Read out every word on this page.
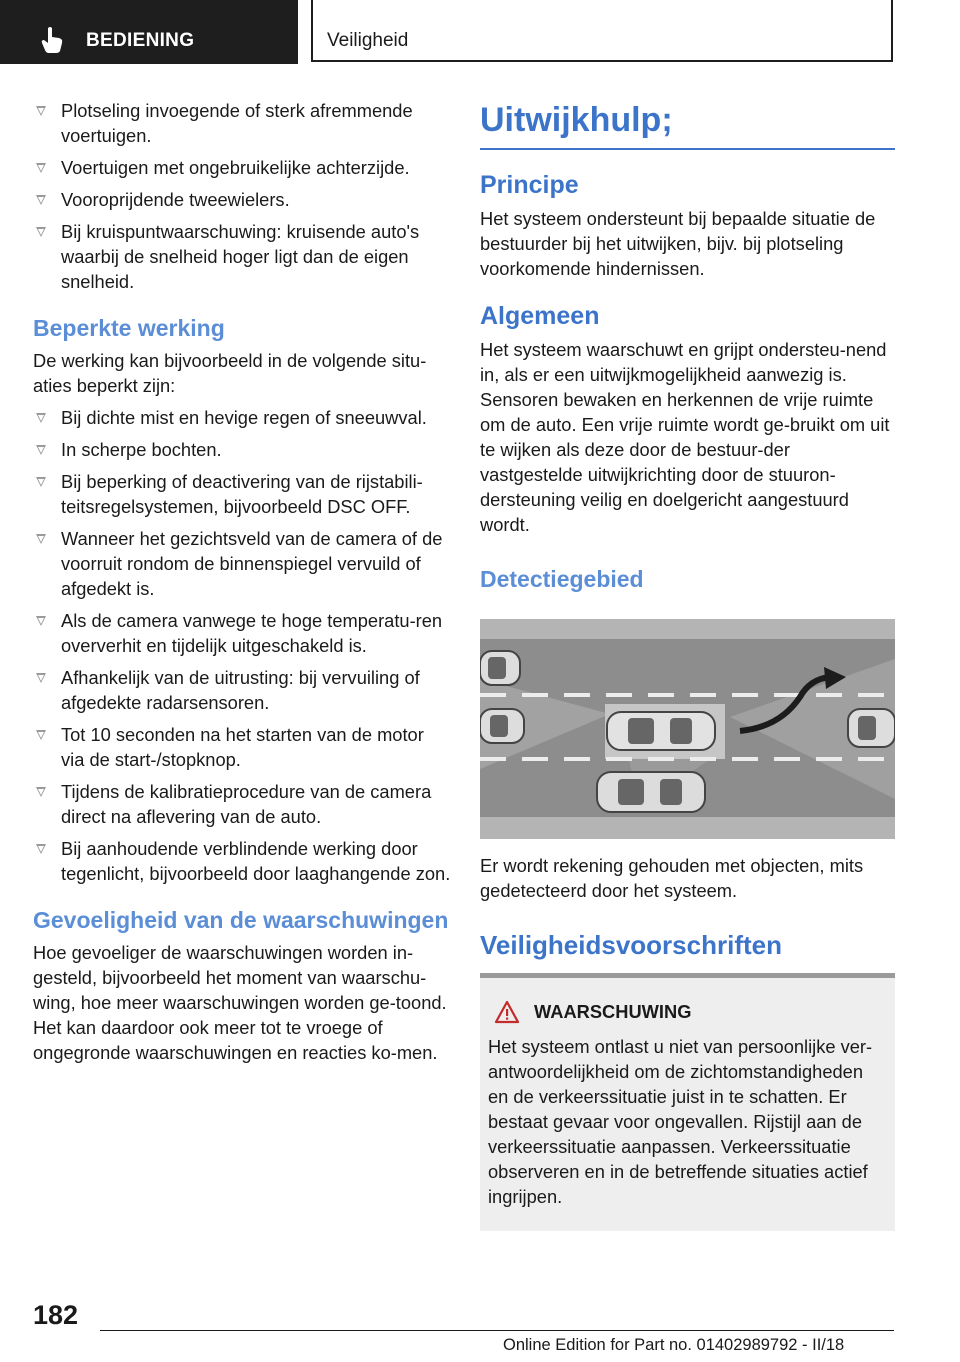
BEDIENING	Veiligheid
Plotseling invoegende of sterk afremmende voertuigen.
Voertuigen met ongebruikelijke achterzijde.
Vooroprijdende tweewielers.
Bij kruispuntwaarschuwing: kruisende auto's waarbij de snelheid hoger ligt dan de eigen snelheid.
Beperkte werking

De werking kan bijvoorbeeld in de volgende situ‐aties beperkt zijn:

Bij dichte mist en hevige regen of sneeuwval.
In scherpe bochten.
Bij beperking of deactivering van de rijstabili‐teitsregelsystemen, bijvoorbeeld DSC OFF.
Wanneer het gezichtsveld van de camera of de voorruit rondom de binnenspiegel vervuild of afgedekt is.
Als de camera vanwege te hoge temperatu‐ren oververhit en tijdelijk uitgeschakeld is.
Afhankelijk van de uitrusting: bij vervuiling of afgedekte radarsensoren.
Tot 10 seconden na het starten van de motor via de start-/stopknop.
Tijdens de kalibratieprocedure van de camera direct na aflevering van de auto.
Bij aanhoudende verblindende werking door tegenlicht, bijvoorbeeld door laaghangende zon.
Gevoeligheid van de waarschuwingen

Hoe gevoeliger de waarschuwingen worden in‐gesteld, bijvoorbeeld het moment van waarschu‐wing, hoe meer waarschuwingen worden ge‐toond. Het kan daardoor ook meer tot te vroege of ongegronde waarschuwingen en reacties ko‐men.

Uitwijkhulp;
Principe

Het systeem ondersteunt bij bepaalde situatie de bestuurder bij het uitwijken, bijv. bij plotseling voorkomende hindernissen.

Algemeen

Het systeem waarschuwt en grijpt ondersteu‐nend in, als er een uitwijkmogelijkheid aanwezig is. Sensoren bewaken en herkennen de vrije ruimte om de auto. Een vrije ruimte wordt ge‐bruikt om uit te wijken als deze door de bestuur‐der vastgestelde uitwijkrichting door de stuuron‐dersteuning veilig en doelgericht aangestuurd wordt.

Detectiegebied

Er wordt rekening gehouden met objecten, mits gedetecteerd door het systeem.

Veiligheidsvoorschriften
WAARSCHUWING
Het systeem ontlast u niet van persoonlijke ver‐antwoordelijkheid om de zichtomstandigheden en de verkeerssituatie juist in te schatten. Er bestaat gevaar voor ongevallen. Rijstijl aan de verkeerssituatie aanpassen. Verkeerssituatie observeren en in de betreffende situaties actief ingrijpen.
182
Online Edition for Part no. 01402989792 - II/18
